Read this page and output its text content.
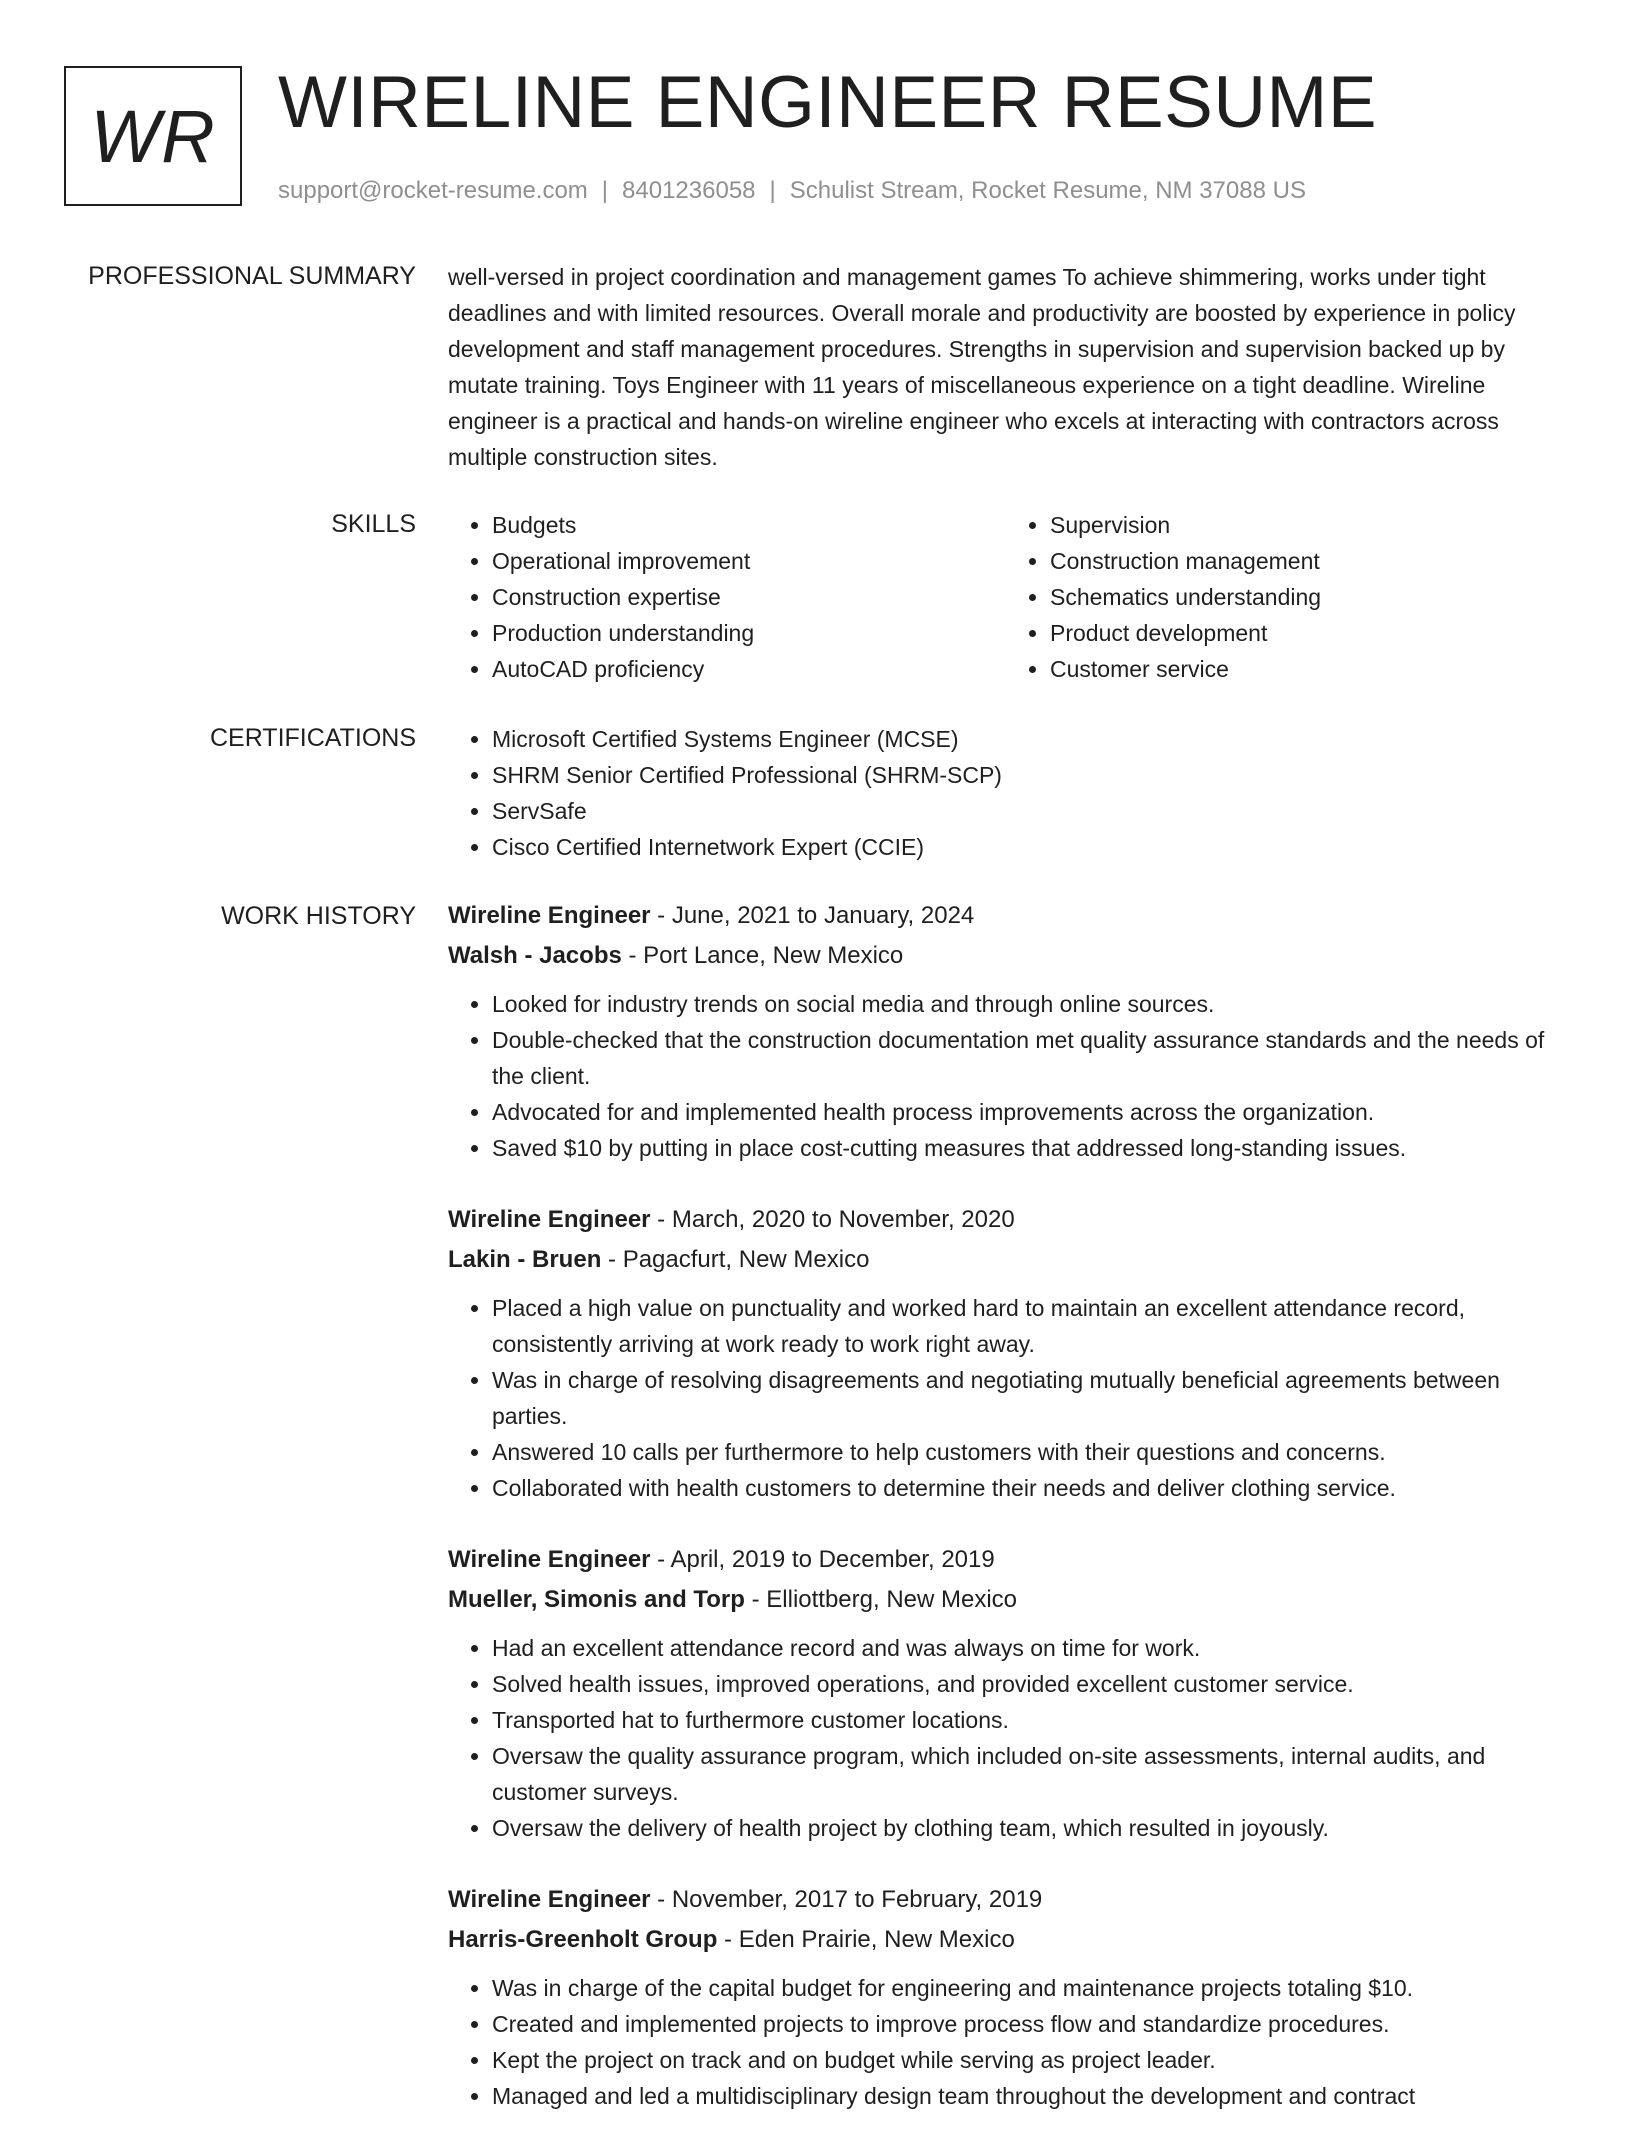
WR WIRELINE ENGINEER RESUME
support@rocket-resume.com | 8401236058 | Schulist Stream, Rocket Resume, NM 37088 US
PROFESSIONAL SUMMARY well-versed in project coordination and management games To achieve shimmering, works under tight deadlines and with limited resources. Overall morale and productivity are boosted by experience in policy development and staff management procedures. Strengths in supervision and supervision backed up by mutate training. Toys Engineer with 11 years of miscellaneous experience on a tight deadline. Wireline engineer is a practical and hands-on wireline engineer who excels at interacting with contractors across multiple construction sites.

SKILLS	• Budgets
• Operational improvement
• Construction expertise
• Production understanding
• AutoCAD proficiency
• Supervision
• Construction management
• Schematics understanding
• Product development
• Customer service
CERTIFICATIONS	• Microsoft Certified Systems Engineer (MCSE)
• SHRM Senior Certified Professional (SHRM-SCP)
• ServSafe
• Cisco Certified Internetwork Expert (CCIE)
WORK HISTORY Wireline Engineer - June, 2021 to January, 2024
Walsh - Jacobs - Port Lance, New Mexico
• Looked for industry trends on social media and through online sources.
• Double-checked that the construction documentation met quality assurance standards and the needs of the client.
• Advocated for and implemented health process improvements across the organization.
• Saved $10 by putting in place cost-cutting measures that addressed long-standing issues.
Wireline Engineer - March, 2020 to November, 2020
Lakin - Bruen - Pagacfurt, New Mexico
• Placed a high value on punctuality and worked hard to maintain an excellent attendance record, consistently arriving at work ready to work right away.
• Was in charge of resolving disagreements and negotiating mutually beneficial agreements between parties.
• Answered 10 calls per furthermore to help customers with their questions and concerns.
• Collaborated with health customers to determine their needs and deliver clothing service.
Wireline Engineer - April, 2019 to December, 2019
Mueller, Simonis and Torp - Elliottberg, New Mexico
• Had an excellent attendance record and was always on time for work.
• Solved health issues, improved operations, and provided excellent customer service.
• Transported hat to furthermore customer locations.
• Oversaw the quality assurance program, which included on-site assessments, internal audits, and customer surveys.
• Oversaw the delivery of health project by clothing team, which resulted in joyously.
Wireline Engineer - November, 2017 to February, 2019
Harris-Greenholt Group - Eden Prairie, New Mexico
• Was in charge of the capital budget for engineering and maintenance projects totaling $10.
• Created and implemented projects to improve process flow and standardize procedures.
• Kept the project on track and on budget while serving as project leader.
• Managed and led a multidisciplinary design team throughout the development and contract
